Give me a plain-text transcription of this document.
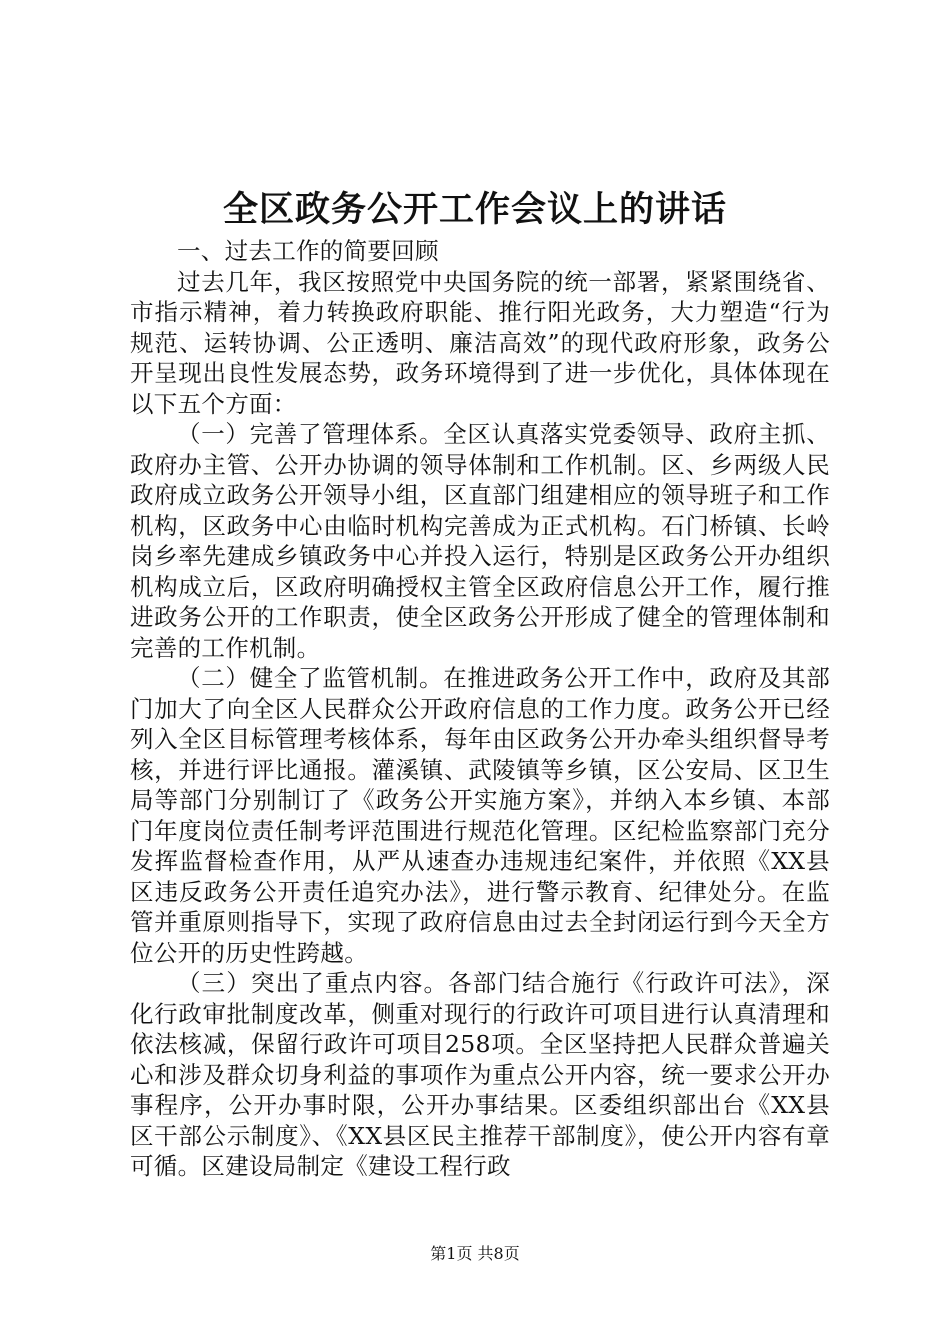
全区政务公开工作会议上的讲话

一、过去工作的简要回顾

过去几年，我区按照党中央国务院的统一部署，紧紧围绕省、市指示精神，着力转换政府职能、推行阳光政务，大力塑造“行为规范、运转协调、公正透明、廉洁高效”的现代政府形象，政务公开呈现出良性发展态势，政务环境得到了进一步优化，具体体现在以下五个方面：

（一）完善了管理体系。全区认真落实党委领导、政府主抓、政府办主管、公开办协调的领导体制和工作机制。区、乡两级人民政府成立政务公开领导小组，区直部门组建相应的领导班子和工作机构，区政务中心由临时机构完善成为正式机构。石门桥镇、长岭岗乡率先建成乡镇政务中心并投入运行，特别是区政务公开办组织机构成立后，区政府明确授权主管全区政府信息公开工作，履行推进政务公开的工作职责，使全区政务公开形成了健全的管理体制和完善的工作机制。

（二）健全了监管机制。在推进政务公开工作中，政府及其部门加大了向全区人民群众公开政府信息的工作力度。政务公开已经列入全区目标管理考核体系，每年由区政务公开办牵头组织督导考核，并进行评比通报。灌溪镇、武陵镇等乡镇，区公安局、区卫生局等部门分别制订了《政务公开实施方案》，并纳入本乡镇、本部门年度岗位责任制考评范围进行规范化管理。区纪检监察部门充分发挥监督检查作用，从严从速查办违规违纪案件，并依照《XX县区违反政务公开责任追究办法》，进行警示教育、纪律处分。在监管并重原则指导下，实现了政府信息由过去全封闭运行到今天全方位公开的历史性跨越。

（三）突出了重点内容。各部门结合施行《行政许可法》，深化行政审批制度改革，侧重对现行的行政许可项目进行认真清理和依法核减，保留行政许可项目258项。全区坚持把人民群众普遍关心和涉及群众切身利益的事项作为重点公开内容，统一要求公开办事程序，公开办事时限，公开办事结果。区委组织部出台《XX县区干部公示制度》、《XX县区民主推荐干部制度》，使公开内容有章可循。区建设局制定《建设工程行政

第1页 共8页
